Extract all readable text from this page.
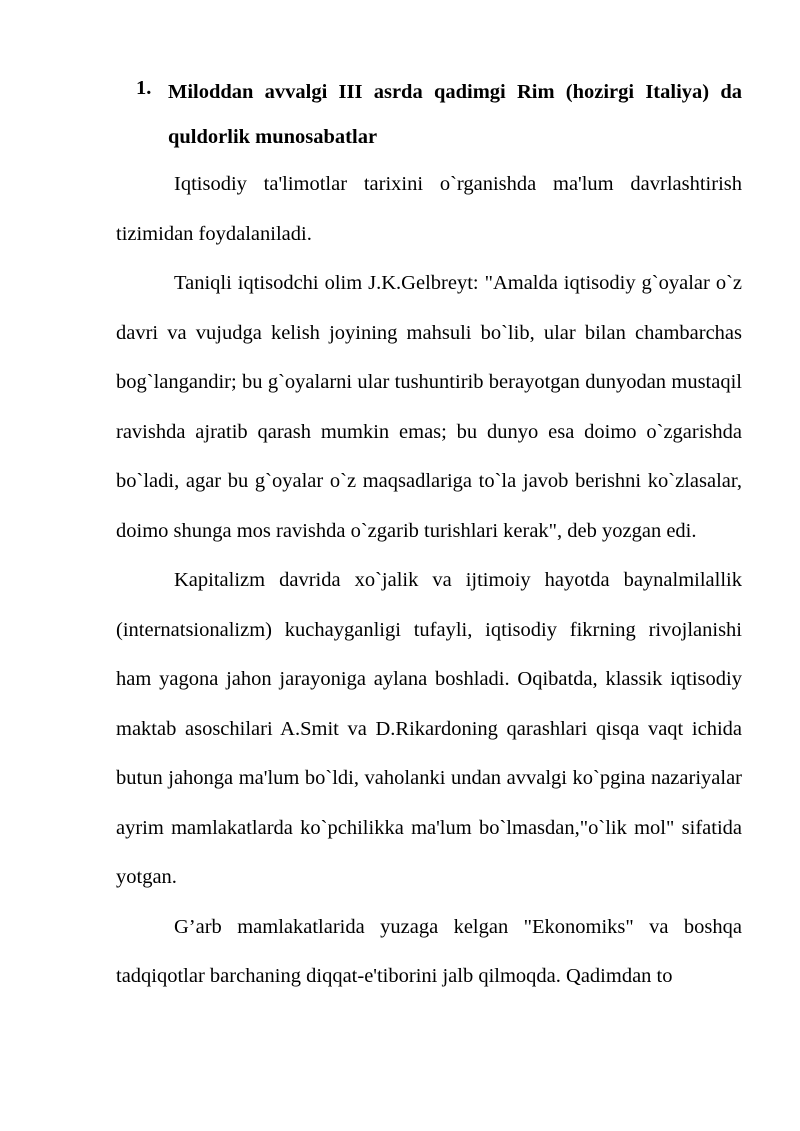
1. Miloddan avvalgi III asrda qadimgi Rim (hozirgi Italiya) da quldorlik munosabatlar

Iqtisodiy ta'limotlar tarixini o`rganishda ma'lum davrlashtirish tizimidan foydalaniladi.

Taniqli iqtisodchi olim J.K.Gelbreyt: "Amalda iqtisodiy g`oyalar o`z davri va vujudga kelish joyining mahsuli bo`lib, ular bilan chambarchas bog`langandir; bu g`oyalarni ular tushuntirib berayotgan dunyodan mustaqil ravishda ajratib qarash mumkin emas; bu dunyo esa doimo o`zgarishda bo`ladi, agar bu g`oyalar o`z maqsadlariga to`la javob berishni ko`zlasalar, doimo shunga mos ravishda o`zgarib turishlari kerak", deb yozgan edi.

Kapitalizm davrida xo`jalik va ijtimoiy hayotda baynalmilallik (internatsionalizm) kuchayganligi tufayli, iqtisodiy fikrning rivojlanishi ham yagona jahon jarayoniga aylana boshladi. Oqibatda, klassik iqtisodiy maktab asoschilari A.Smit va D.Rikardoning qarashlari qisqa vaqt ichida butun jahonga ma'lum bo`ldi, vaholanki undan avvalgi ko`pgina nazariyalar ayrim mamlakatlarda ko`pchilikka ma'lum bo`lmasdan,"o`lik mol" sifatida yotgan.

G’arb mamlakatlarida yuzaga kelgan "Ekonomiks" va boshqa tadqiqotlar barchaning diqqat-e'tiborini jalb qilmoqda. Qadimdan to
